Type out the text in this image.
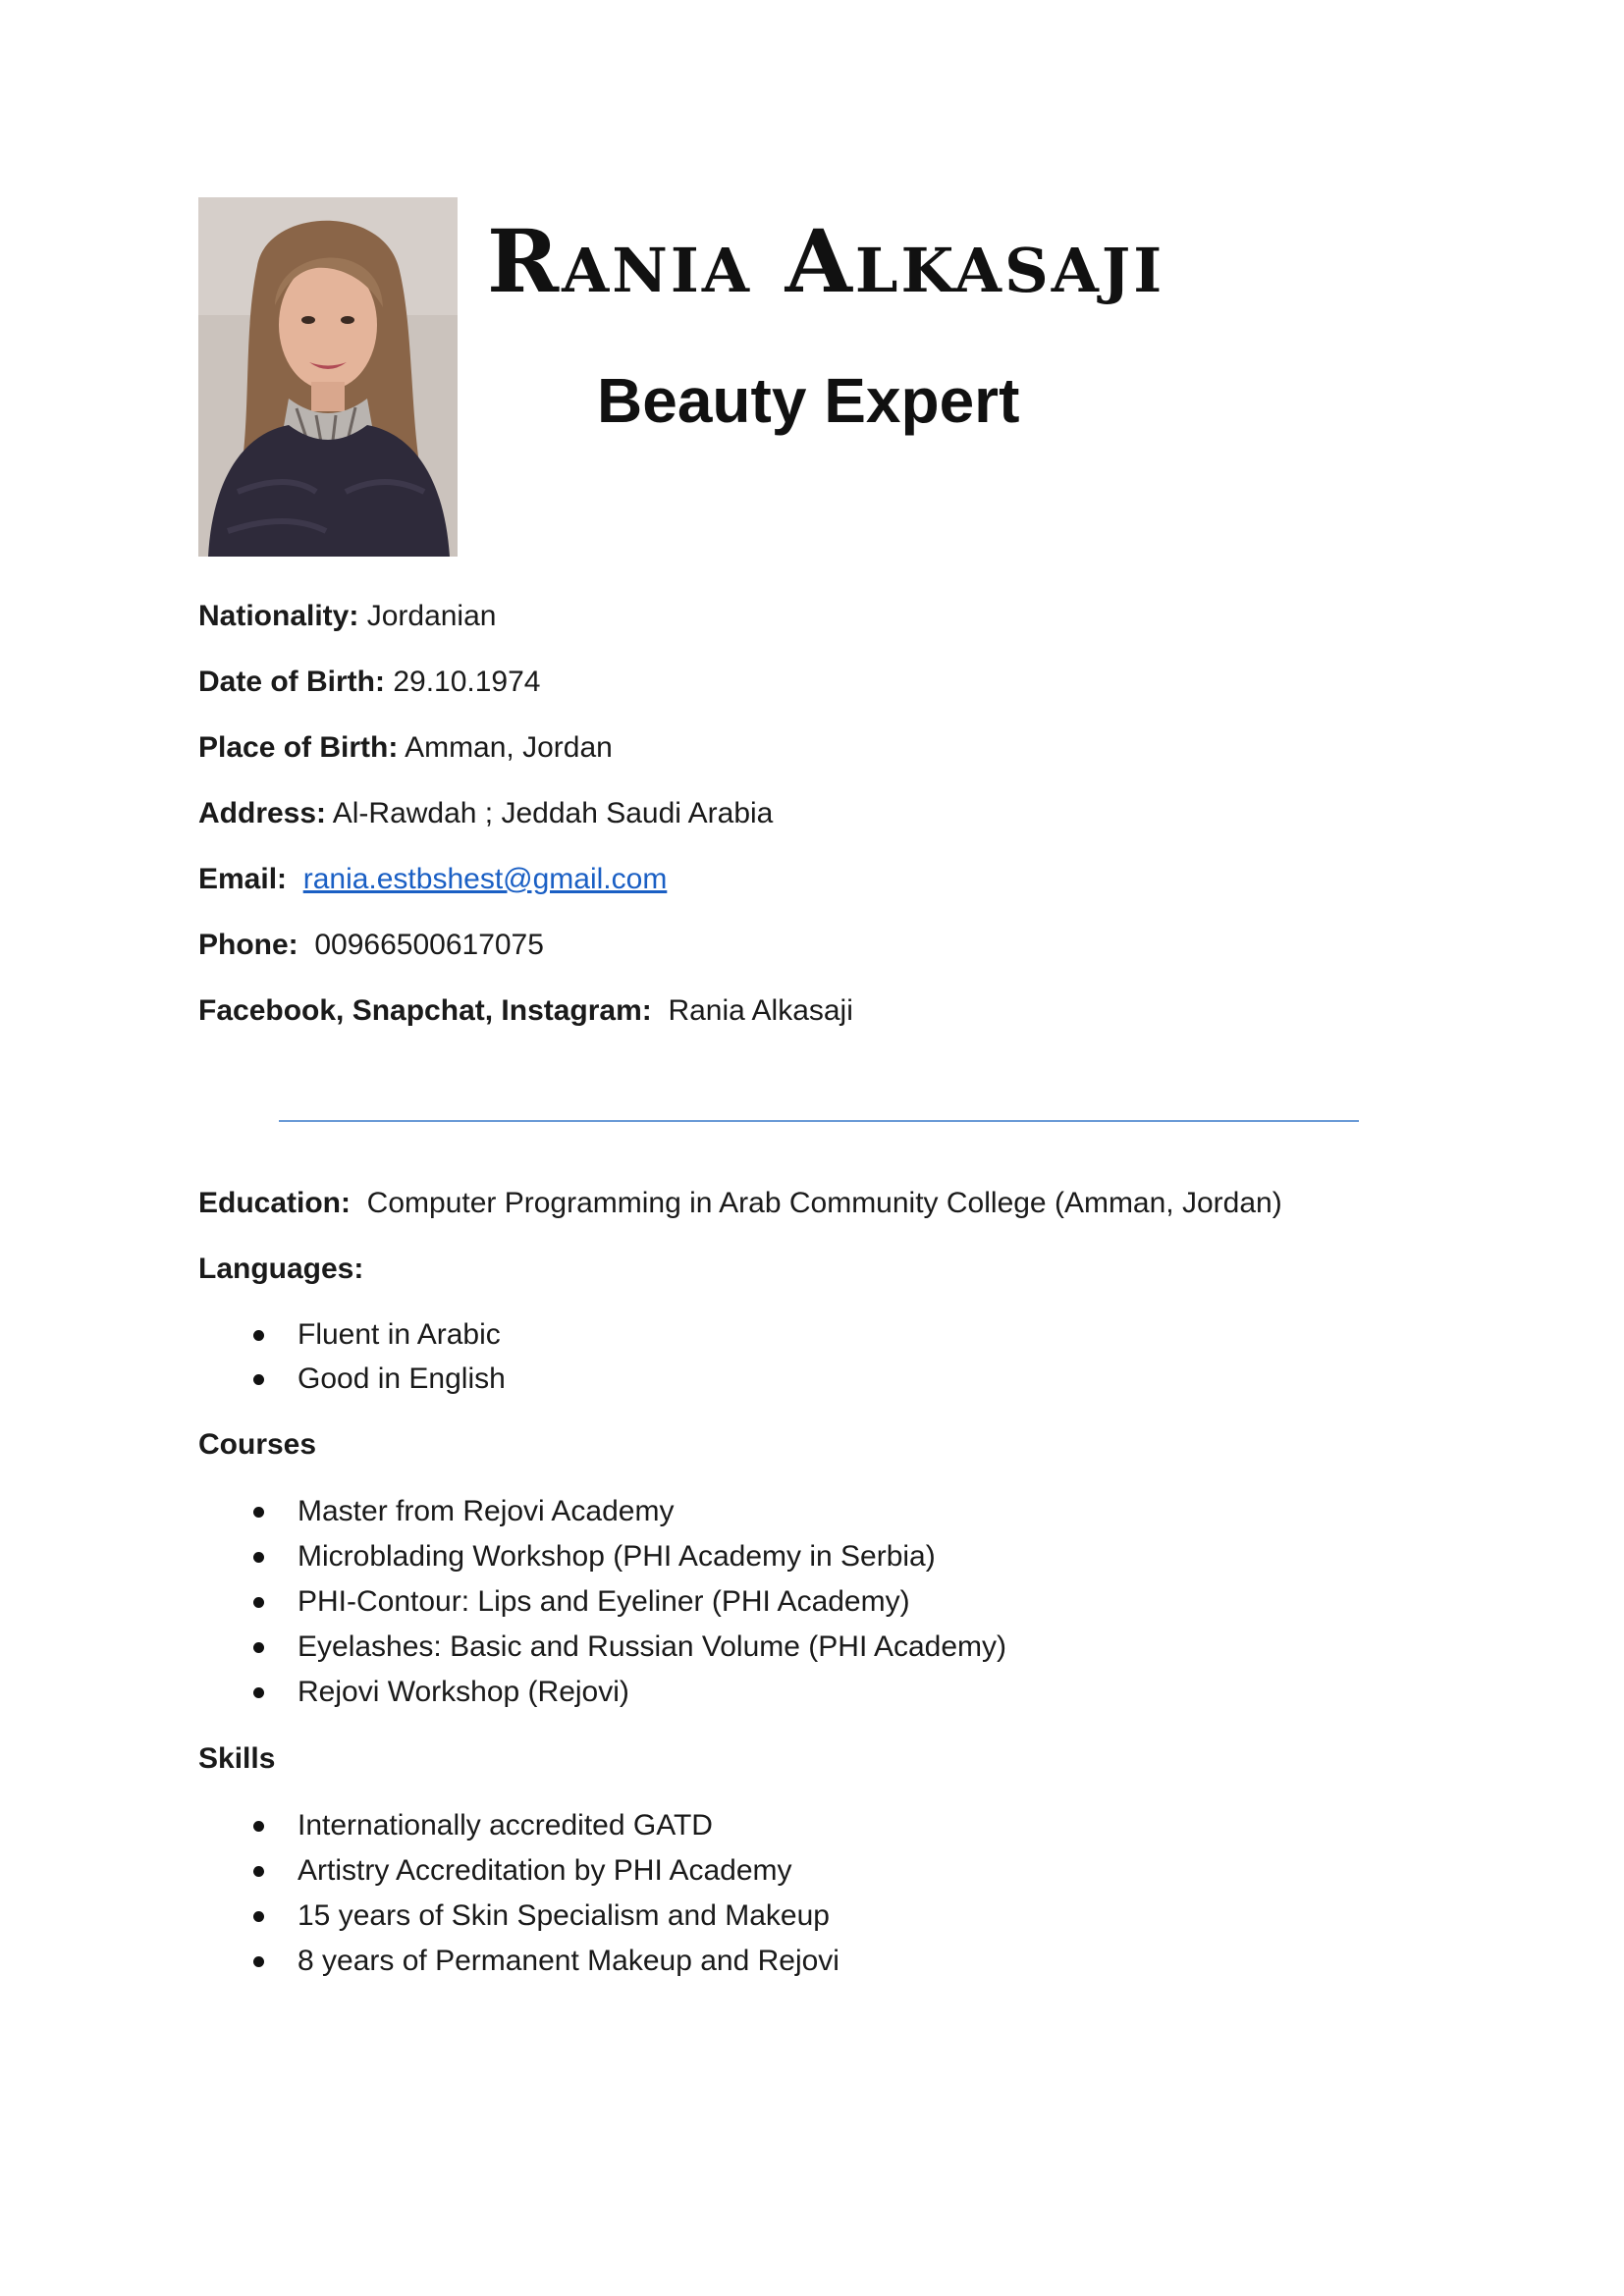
Rania Alkasaji
Beauty Expert
Nationality: Jordanian
Date of Birth: 29.10.1974
Place of Birth: Amman, Jordan
Address: Al-Rawdah ; Jeddah Saudi Arabia
Email: rania.estbshest@gmail.com
Phone: 00966500617075
Facebook, Snapchat, Instagram: Rania Alkasaji
Education: Computer Programming in Arab Community College (Amman, Jordan)
Languages:
Fluent in Arabic
Good in English
Courses
Master from Rejovi Academy
Microblading Workshop (PHI Academy in Serbia)
PHI-Contour: Lips and Eyeliner (PHI Academy)
Eyelashes: Basic and Russian Volume (PHI Academy)
Rejovi Workshop (Rejovi)
Skills
Internationally accredited GATD
Artistry Accreditation by PHI Academy
15 years of Skin Specialism and Makeup
8 years of Permanent Makeup and Rejovi
